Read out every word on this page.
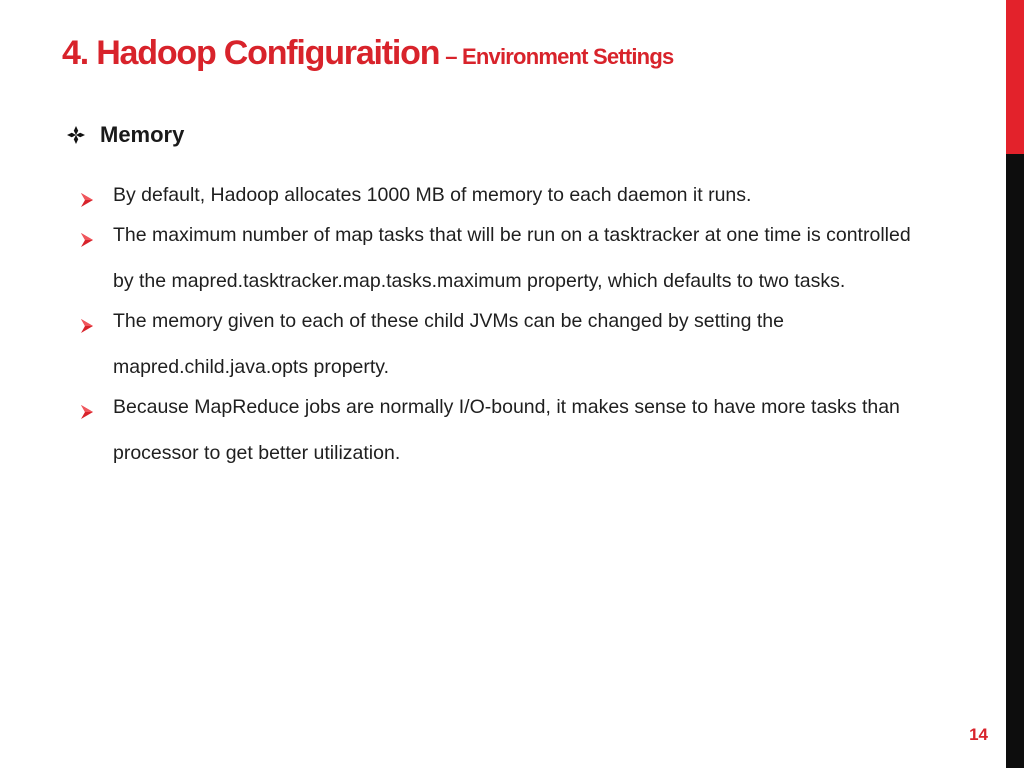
4. Hadoop Configuraition – Environment Settings
Memory
By default, Hadoop allocates 1000 MB of memory to each daemon it runs.
The maximum number of map tasks that will be run on a tasktracker at one time is controlled by the mapred.tasktracker.map.tasks.maximum property, which defaults to two tasks.
The memory given to each of these child JVMs can be changed by setting the mapred.child.java.opts property.
Because MapReduce jobs are normally I/O-bound, it makes sense to have more tasks than processor to get better utilization.
14
